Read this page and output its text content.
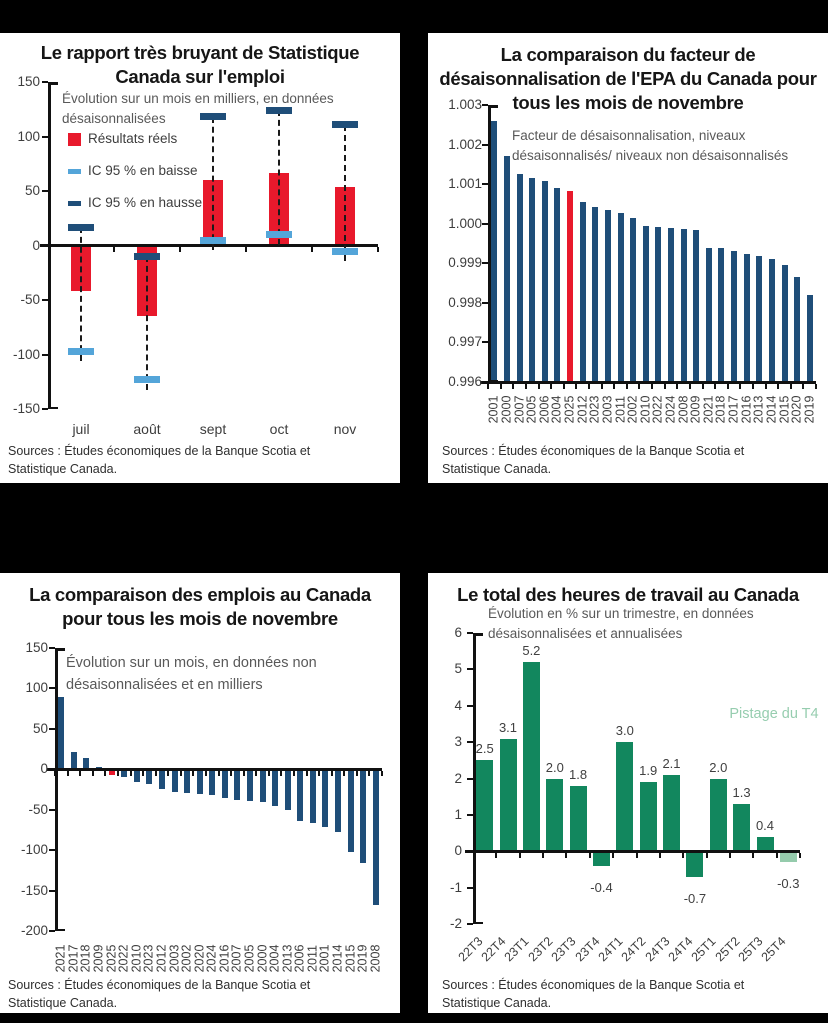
Le rapport très bruyant de Statistique Canada sur l'emploi
juil	août	sept	oct	nov
150
100
50
0
-50
-100
-150
Évolution sur un mois en milliers, en données désaisonnalisées
Résultats réels
IC 95 % en baisse
IC 95 % en hausse
Sources : Études économiques de la Banque Scotia et Statistique Canada.
La comparaison du facteur de désaisonnalisation de l'EPA du Canada pour tous les mois de novembre
2001
2000
2007
2005
2006
2004
2025
2012
2023
2003
2011
2002
2010
2022
2024
2008
2009
2021
2018
2017
2016
2013
2014
2015
2020
2019
1.003
1.002
1.001
1.000
0.999
0.998
0.997
0.996
Facteur de désaisonnalisation, niveaux désaisonnalisés/ niveaux non désaisonnalisés
Sources : Études économiques de la Banque Scotia et Statistique Canada.
La comparaison des emplois au Canada pour tous les mois de novembre
2021
2017
2018
2009
2025
2022
2010
2023
2012
2003
2002
2020
2024
2016
2007
2005
2000
2004
2013
2006
2011
2001
2014
2015
2019
2008
150
100
50
0
-50
-100
-150
-200
Évolution sur un mois, en données non désaisonnalisées et en milliers
Sources : Études économiques de la Banque Scotia et Statistique Canada.
Le total des heures de travail au Canada
2.5
22T3
3.1
22T4
5.2
23T1
2.0
23T2
1.8
23T3
-0.4
23T4
3.0
24T1
1.9
24T2
2.1
24T3
-0.7
24T4
2.0
25T1
1.3
25T2
0.4
25T3
-0.3
25T4
6
5
4
3
2
1
0
-1
-2
Évolution en % sur un trimestre, en données désaisonnalisées et annualisées
Pistage du T4
Sources : Études économiques de la Banque Scotia et Statistique Canada.
